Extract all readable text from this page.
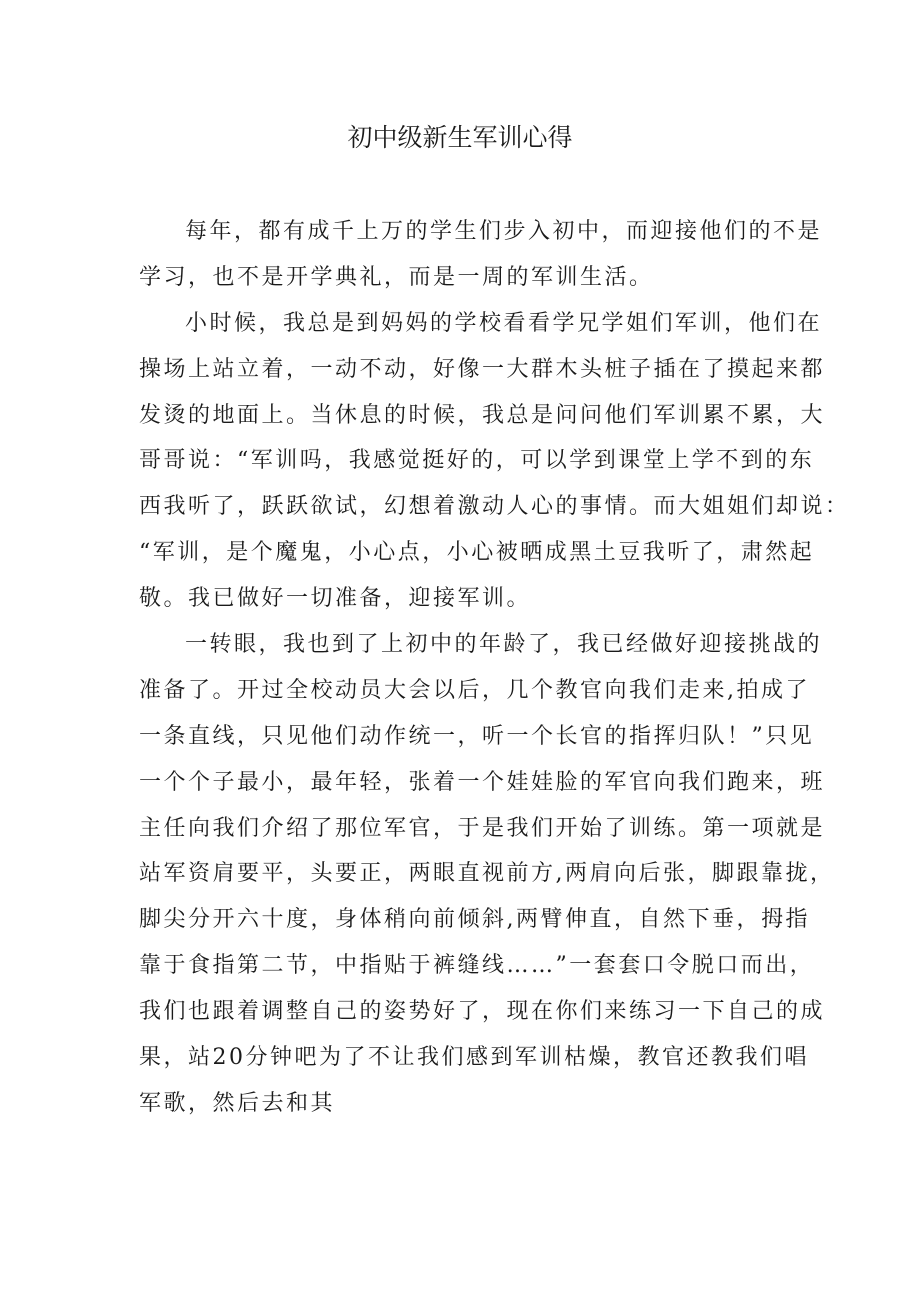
初中级新生军训心得
每年，都有成千上万的学生们步入初中，而迎接他们的不是
学习，也不是开学典礼，而是一周的军训生活。
小时候，我总是到妈妈的学校看看学兄学姐们军训，他们在
操场上站立着，一动不动，好像一大群木头桩子插在了摸起来都
发烫的地面上。当休息的时候，我总是问问他们军训累不累，大
哥哥说：“军训吗，我感觉挺好的，可以学到课堂上学不到的东
西我听了，跃跃欲试，幻想着激动人心的事情。而大姐姐们却说：
“军训，是个魔鬼，小心点，小心被晒成黑土豆我听了，肃然起
敬。我已做好一切准备，迎接军训。
一转眼，我也到了上初中的年龄了，我已经做好迎接挑战的
准备了。开过全校动员大会以后，几个教官向我们走来,拍成了
一条直线，只见他们动作统一，听一个长官的指挥归队！”只见
一个个子最小，最年轻，张着一个娃娃脸的军官向我们跑来，班
主任向我们介绍了那位军官，于是我们开始了训练。第一项就是
站军资肩要平，头要正，两眼直视前方,两肩向后张，脚跟靠拢，
脚尖分开六十度，身体稍向前倾斜,两臂伸直，自然下垂，拇指
靠于食指第二节，中指贴于裤缝线……”一套套口令脱口而出，
我们也跟着调整自己的姿势好了，现在你们来练习一下自己的成
果，站20分钟吧为了不让我们感到军训枯燥，教官还教我们唱
军歌，然后去和其
